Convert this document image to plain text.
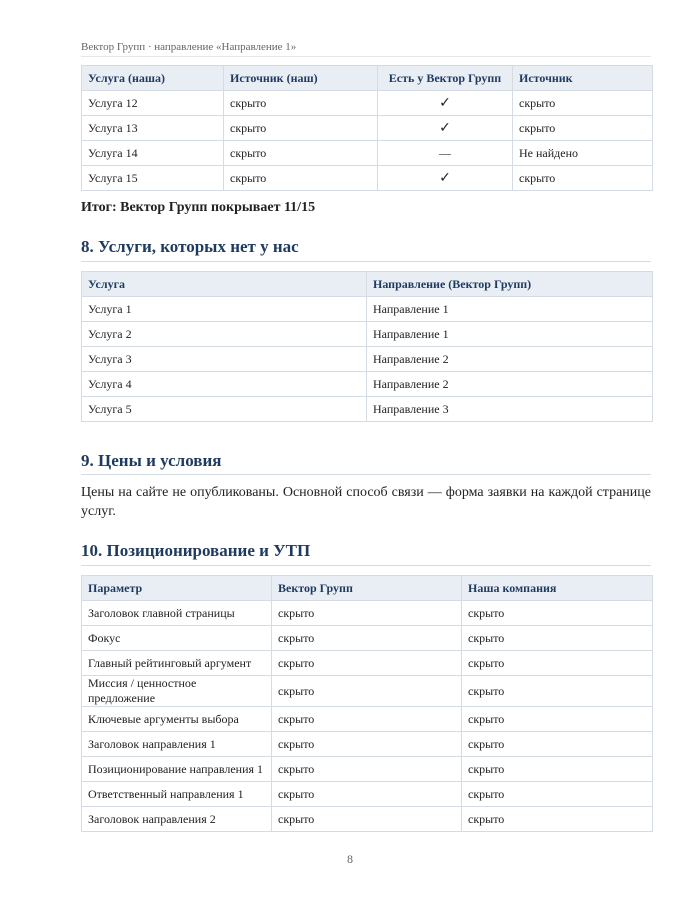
Вектор Групп · направление «Направление 1»
Услуга (наша)	Источник (наш)	Есть у Вектор Групп	Источник
Услуга 12	скрыто	✓	скрыто
Услуга 13	скрыто	✓	скрыто
Услуга 14	скрыто	—	Не найдено
Услуга 15	скрыто	✓	скрыто
Итог: Вектор Групп покрывает 11/15
8. Услуги, которых нет у нас
Услуга	Направление (Вектор Групп)
Услуга 1	Направление 1
Услуга 2	Направление 1
Услуга 3	Направление 2
Услуга 4	Направление 2
Услуга 5	Направление 3
9. Цены и условия

Цены на сайте не опубликованы. Основной способ связи — форма заявки на каждой странице услуг.

10. Позиционирование и УТП
Параметр	Вектор Групп	Наша компания
Заголовок главной страницы	скрыто	скрыто
Фокус	скрыто	скрыто
Главный рейтинговый аргумент	скрыто	скрыто
Миссия / ценностное предложение	скрыто	скрыто
Ключевые аргументы выбора	скрыто	скрыто
Заголовок направления 1	скрыто	скрыто
Позиционирование направления 1	скрыто	скрыто
Ответственный направления 1	скрыто	скрыто
Заголовок направления 2	скрыто	скрыто
8
